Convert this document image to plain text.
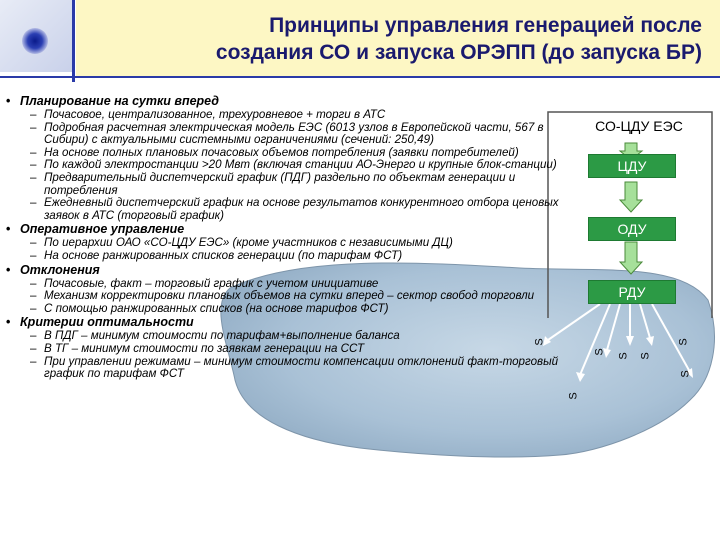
Принципы управления генерацией после
создания СО и запуска ОРЭПП (до запуска БР)
• Планирование на сутки вперед
– Почасовое, централизованное, трехуровневое + торги в АТС
– Подробная расчетная электрическая модель ЕЭС (6013 узлов в Европейской части, 567 в Сибири) с актуальными системными ограничениями (сечений: 250,49)
– На основе полных плановых почасовых объемов потребления (заявки потребителей)
– По каждой электростанции >20 Мвт (включая станции АО-Энерго и крупные блок-станции)
– Предварительный диспетчерский график (ПДГ) раздельно по объектам генерации и потребления
– Ежедневный диспетчерский график на основе результатов конкурентного отбора ценовых заявок в АТС (торговый график)
• Оперативное управление
– По иерархии ОАО «СО-ЦДУ ЕЭС» (кроме участников с независимыми ДЦ)
– На основе ранжированных списков генерации (по тарифам ФСТ)
• Отклонения
– Почасовые, факт – торговый график с учетом инициативе
– Механизм корректировки плановых объемов на сутки вперед – сектор свобод торговли
– С помощью ранжированных списков (на основе тарифов ФСТ)
• Критерии оптимальности
– В ПДГ – минимум стоимости по тарифам+выполнение баланса
– В ТГ – минимум стоимости по заявкам генерации на ССТ
– При управлении режимами – минимум стоимости компенсации отклонений факт-торговый график по тарифам ФСТ
СО-ЦДУ ЕЭС
ЦДУ
ОДУ
РДУ
S
S
S
S S
S
S
